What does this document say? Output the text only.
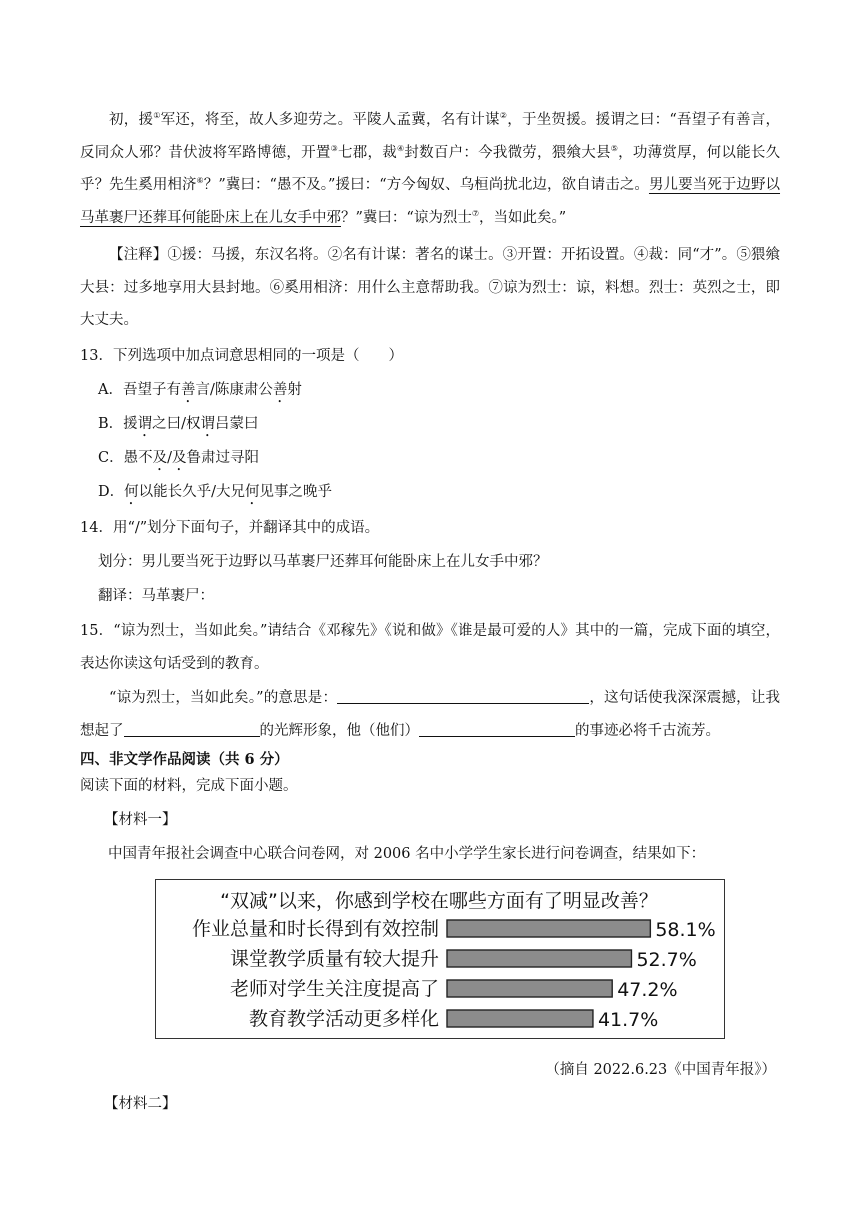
初，援①军还，将至，故人多迎劳之。平陵人孟冀，名有计谋②，于坐贺援。援谓之曰：“吾望子有善言，反同众人邪？昔伏波将军路博德，开置③七郡，裁④封数百户：今我微劳，猥飨大县⑤，功薄赏厚，何以能长久乎？先生奚用相济⑥？”冀曰：“愚不及。”援曰：“方今匈奴、乌桓尚扰北边，欲自请击之。男儿要当死于边野以马革裹尸还葬耳何能卧床上在儿女手中邪？”冀曰：“谅为烈士⑦，当如此矣。”
【注释】①援：马援，东汉名将。②名有计谋：著名的谋士。③开置：开拓设置。④裁：同“才”。⑤猥飨大县：过多地享用大县封地。⑥奚用相济：用什么主意帮助我。⑦谅为烈士：谅，料想。烈士：英烈之士，即大丈夫。
13．下列选项中加点词意思相同的一项是（　　）
A．吾望子有善言/陈康肃公善射
B．援谓之曰/权谓吕蒙曰
C．愚不及/及鲁肃过寻阳
D．何以能长久乎/大兄何见事之晚乎
14．用“/”划分下面句子，并翻译其中的成语。
划分：男儿要当死于边野以马革裹尸还葬耳何能卧床上在儿女手中邪？
翻译：马革裹尸：
15．“谅为烈士，当如此矣。”请结合《邓稼先》《说和做》《谁是最可爱的人》其中的一篇，完成下面的填空，表达你读这句话受到的教育。
“谅为烈士，当如此矣。”的意思是：	，这句话使我深深震撼，让我想起了	的光辉形象，他（他们）	的事迹必将千古流芳。
四、非文学作品阅读（共 6 分）
阅读下面的材料，完成下面小题。
【材料一】
中国青年报社会调查中心联合问卷网，对 2006 名中小学学生家长进行问卷调查，结果如下：
“双减”以来，你感到学校在哪些方面有了明显改善？
作业总量和时长得到有效控制	58.1%
课堂教学质量有较大提升	52.7%
老师对学生关注度提高了	47.2%
教育教学活动更多样化	41.7%
（摘自 2022.6.23《中国青年报》）
【材料二】
